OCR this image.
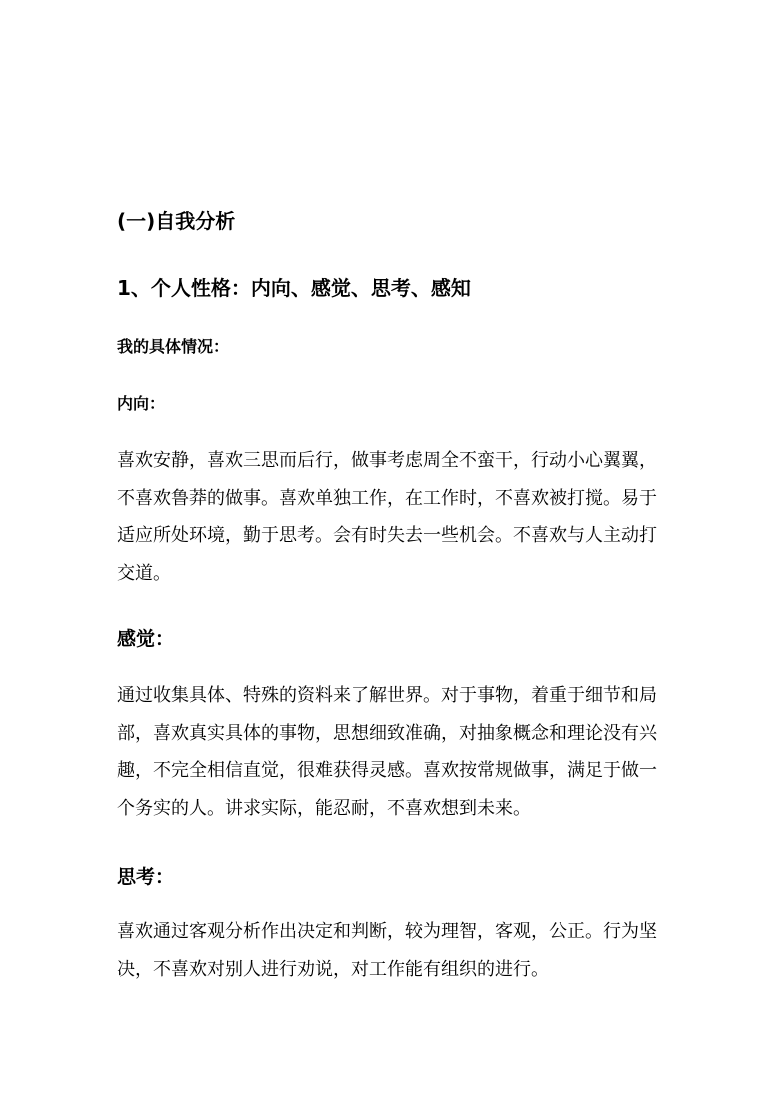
(一)自我分析
1、个人性格：内向、感觉、思考、感知
我的具体情况：
内向：

喜欢安静，喜欢三思而后行，做事考虑周全不蛮干，行动小心翼翼，
不喜欢鲁莽的做事。喜欢单独工作，在工作时，不喜欢被打搅。易于
适应所处环境，勤于思考。会有时失去一些机会。不喜欢与人主动打
交道。

感觉：

通过收集具体、特殊的资料来了解世界。对于事物，着重于细节和局
部，喜欢真实具体的事物，思想细致准确，对抽象概念和理论没有兴
趣，不完全相信直觉，很难获得灵感。喜欢按常规做事，满足于做一
个务实的人。讲求实际，能忍耐，不喜欢想到未来。

思考：

喜欢通过客观分析作出决定和判断，较为理智，客观，公正。行为坚
决，不喜欢对别人进行劝说，对工作能有组织的进行。
